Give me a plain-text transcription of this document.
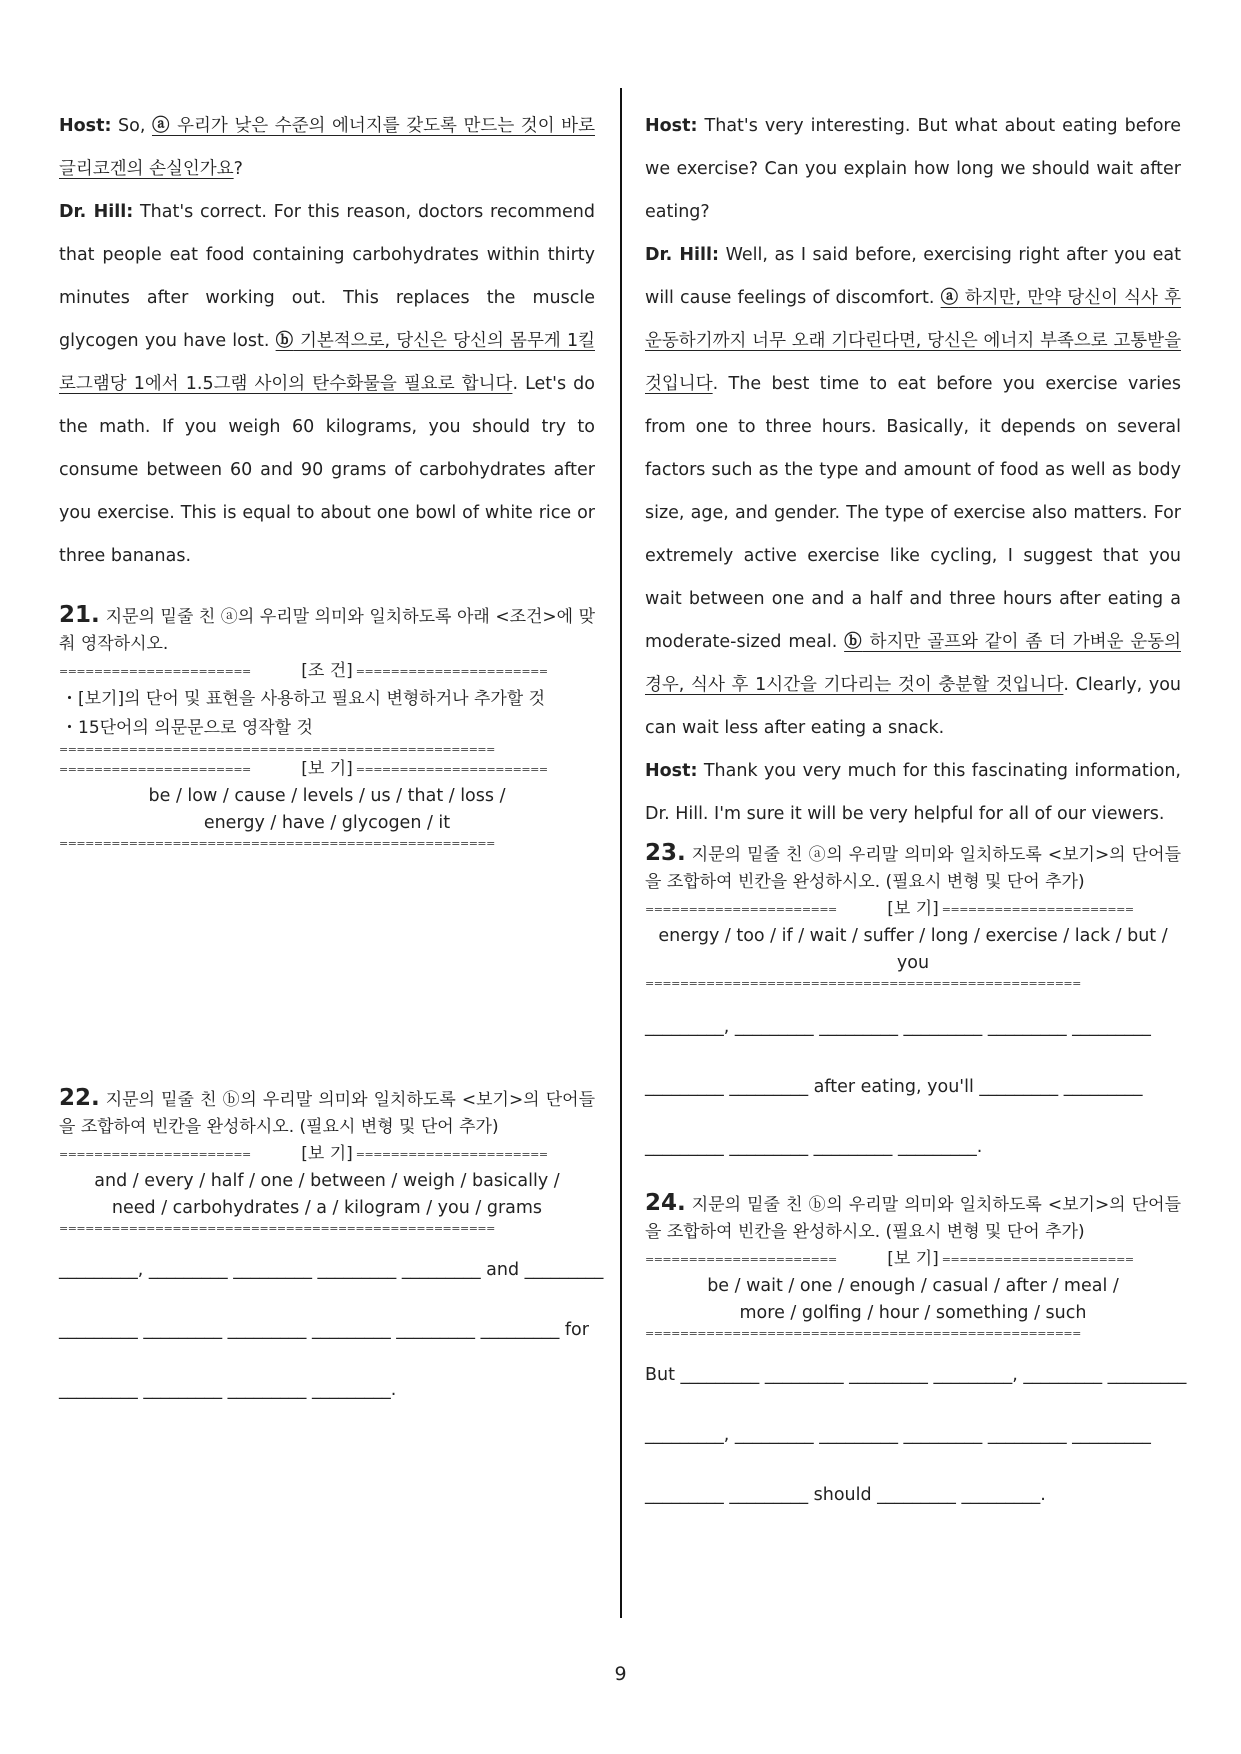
Host: So, ⓐ 우리가 낮은 수준의 에너지를 갖도록 만드는 것이 바로 글리코겐의 손실인가요?

Dr. Hill: That's correct. For this reason, doctors recommend that people eat food containing carbohydrates within thirty minutes after working out. This replaces the muscle glycogen you have lost. ⓑ 기본적으로, 당신은 당신의 몸무게 1킬로그램당 1에서 1.5그램 사이의 탄수화물을 필요로 합니다. Let's do the math. If you weigh 60 kilograms, you should try to consume between 60 and 90 grams of carbohydrates after you exercise. This is equal to about one bowl of white rice or three bananas.

21. 지문의 밑줄 친 ⓐ의 우리말 의미와 일치하도록 아래 <조건>에 맞춰 영작하시오.

======================	[조 건] ======================

・[보기]의 단어 및 표현을 사용하고 필요시 변형하거나 추가할 것

・15단어의 의문문으로 영작할 것

==================================================
======================	[보 기] ======================

be / low / cause / levels / us / that / loss /

energy / have / glycogen / it

==================================================

22. 지문의 밑줄 친 ⓑ의 우리말 의미와 일치하도록 <보기>의 단어들을 조합하여 빈칸을 완성하시오. (필요시 변형 및 단어 추가)

======================	[보 기] ======================

and / every / half / one / between / weigh / basically /

need / carbohydrates / a / kilogram / you / grams

==================================================

_________, _________ _________ _________ _________ and _________

_________ _________ _________ _________ _________ _________ for

_________ _________ _________ _________.

Host: That's very interesting. But what about eating before we exercise? Can you explain how long we should wait after eating?

Dr. Hill: Well, as I said before, exercising right after you eat will cause feelings of discomfort. ⓐ 하지만, 만약 당신이 식사 후 운동하기까지 너무 오래 기다린다면, 당신은 에너지 부족으로 고통받을 것입니다. The best time to eat before you exercise varies from one to three hours. Basically, it depends on several factors such as the type and amount of food as well as body size, age, and gender. The type of exercise also matters. For extremely active exercise like cycling, I suggest that you wait between one and a half and three hours after eating a moderate-sized meal. ⓑ 하지만 골프와 같이 좀 더 가벼운 운동의 경우, 식사 후 1시간을 기다리는 것이 충분할 것입니다. Clearly, you can wait less after eating a snack.

Host: Thank you very much for this fascinating information, Dr. Hill. I'm sure it will be very helpful for all of our viewers.

23. 지문의 밑줄 친 ⓐ의 우리말 의미와 일치하도록 <보기>의 단어들을 조합하여 빈칸을 완성하시오. (필요시 변형 및 단어 추가)

======================	[보 기] ======================

energy / too / if / wait / suffer / long / exercise / lack / but / you

==================================================

_________, _________ _________ _________ _________ _________

_________ _________ after eating, you'll _________ _________

_________ _________ _________ _________.

24. 지문의 밑줄 친 ⓑ의 우리말 의미와 일치하도록 <보기>의 단어들을 조합하여 빈칸을 완성하시오. (필요시 변형 및 단어 추가)

======================	[보 기] ======================

be / wait / one / enough / casual / after / meal /

more / golfing / hour / something / such

==================================================

But _________ _________ _________ _________, _________ _________

_________, _________ _________ _________ _________ _________

_________ _________ should _________ _________.

9
